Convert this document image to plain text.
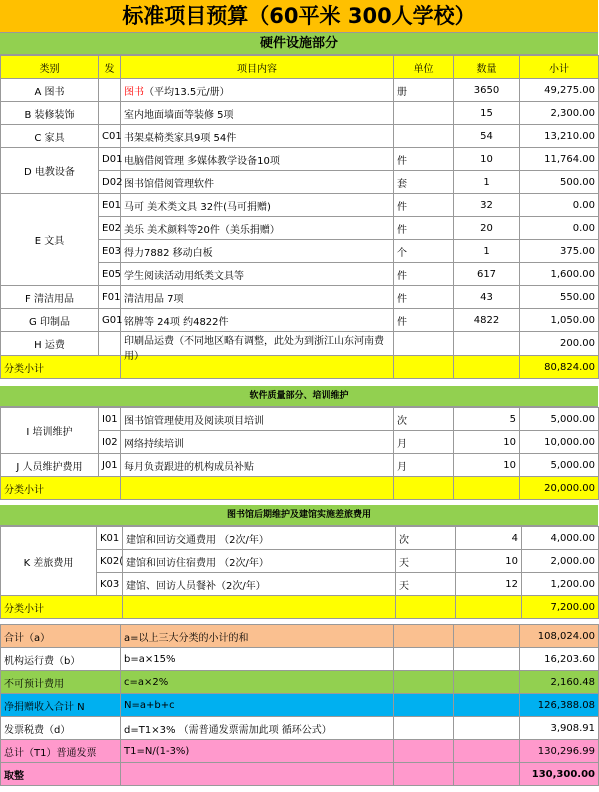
标准项目预算（60平米 300人学校）
硬件设施部分
类别	发	项目内容	单位	数量	小计
A 图书		图书（平均13.5元/册）	册	3650	49,275.00
B 装修装饰		室内地面墙面等装修 5项		15	2,300.00
C 家具	C01	书架桌椅类家具9项 54件		54	13,210.00
D 电教设备	D01	电脑借阅管理 多媒体教学设备10项	件	10	11,764.00
	D02	图书馆借阅管理软件	套	1	500.00
E 文具	E01	马可 美术类文具 32件(马可捐赠)	件	32	0.00
	E02	美乐 美术颜料等20件（美乐捐赠）	件	20	0.00
	E03	得力7882 移动白板	个	1	375.00
	E05	学生阅读活动用纸类文具等	件	617	1,600.00
F 清洁用品	F01	清洁用品 7项	件	43	550.00
G 印制品	G01	铭牌等 24项 约4822件	件	4822	1,050.00
H 运费		印刷品运费（不同地区略有调整，此处为到浙江山东河南费用）			200.00
分类小计					80,824.00
软件质量部分、培训维护
I 培训维护	I01	图书馆管理使用及阅读项目培训	次	5	5,000.00
	I02	网络持续培训	月	10	10,000.00
J 人员维护费用	J01	每月负责跟进的机构成员补贴	月	10	5,000.00
分类小计					20,000.00
图书馆后期维护及建馆实施差旅费用
K 差旅费用	K01	建馆和回访交通费用 （2次/年）	次	4	4,000.00
	K02(	建馆和回访住宿费用 （2次/年）	天	10	2,000.00
	K03	建馆、回访人员餐补（2次/年）	天	12	1,200.00
分类小计					7,200.00
合计（a）	a=以上三大分类的小计的和			108,024.00
机构运行费（b）	b=a×15%			16,203.60
不可预计费用	c=a×2%			2,160.48
净捐赠收入合计 N	N=a+b+c			126,388.08
发票税费（d）	d=T1×3% （需普通发票需加此项 循环公式）			3,908.91
总计（T1）普通发票	T1=N/(1-3%)			130,296.99
取整				130,300.00
